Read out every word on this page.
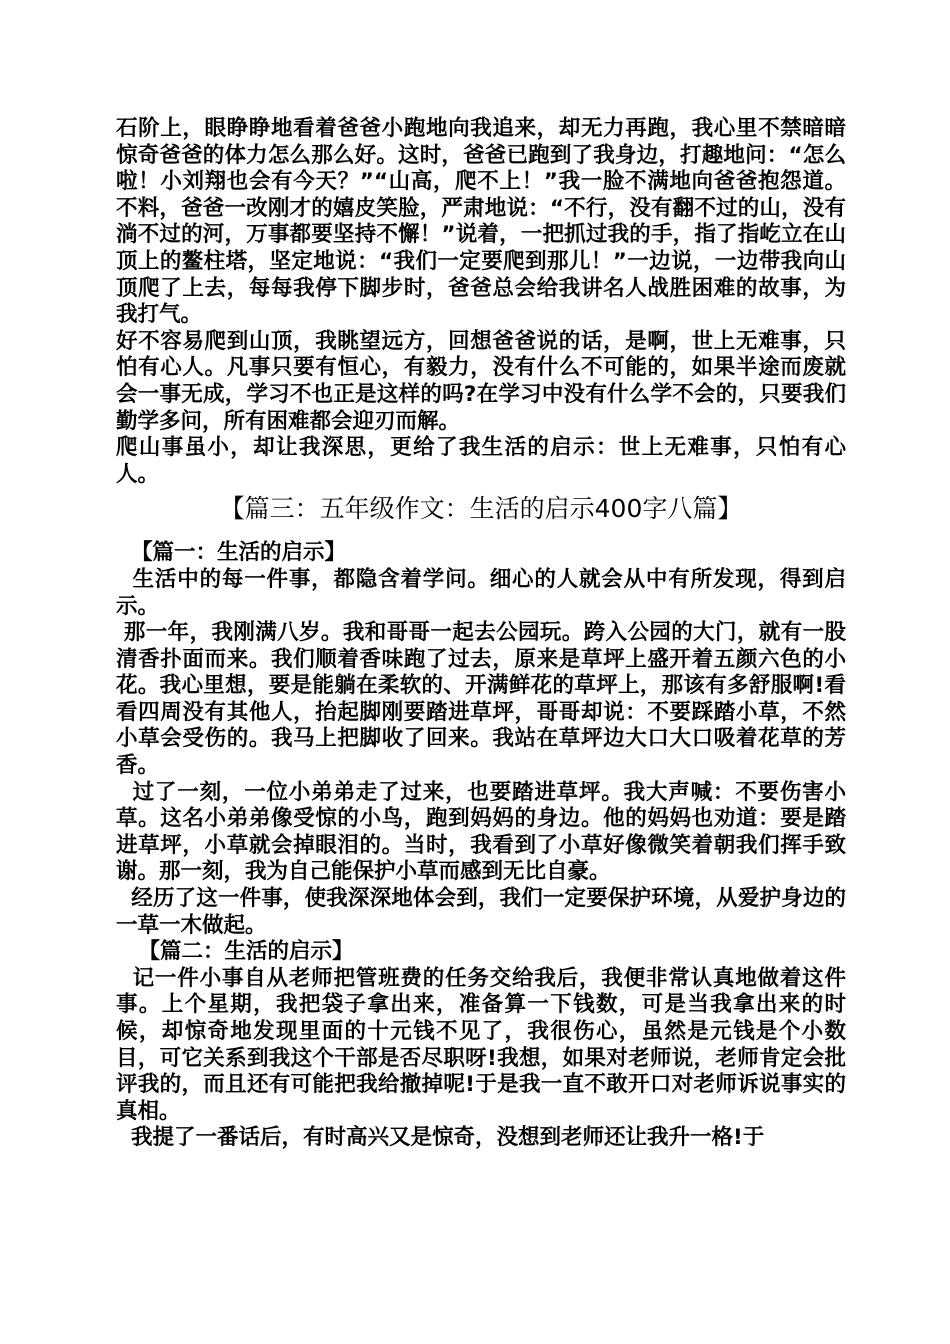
石阶上，眼睁睁地看着爸爸小跑地向我追来，却无力再跑，我心里不禁暗暗惊奇爸爸的体力怎么那么好。这时，爸爸已跑到了我身边，打趣地问：“怎么啦！小刘翔也会有今天？”“山高，爬不上！”我一脸不满地向爸爸抱怨道。不料，爸爸一改刚才的嬉皮笑脸，严肃地说：“不行，没有翻不过的山，没有淌不过的河，万事都要坚持不懈！”说着，一把抓过我的手，指了指屹立在山顶上的鳌柱塔，坚定地说：“我们一定要爬到那儿！”一边说，一边带我向山顶爬了上去，每每我停下脚步时，爸爸总会给我讲名人战胜困难的故事，为我打气。

好不容易爬到山顶，我眺望远方，回想爸爸说的话，是啊，世上无难事，只怕有心人。凡事只要有恒心，有毅力，没有什么不可能的，如果半途而废就会一事无成，学习不也正是这样的吗?在学习中没有什么学不会的，只要我们勤学多问，所有困难都会迎刃而解。

爬山事虽小，却让我深思，更给了我生活的启示：世上无难事，只怕有心人。

【篇三：五年级作文：生活的启示400字八篇】

【篇一：生活的启示】

生活中的每一件事，都隐含着学问。细心的人就会从中有所发现，得到启示。

那一年，我刚满八岁。我和哥哥一起去公园玩。跨入公园的大门，就有一股清香扑面而来。我们顺着香味跑了过去，原来是草坪上盛开着五颜六色的小花。我心里想，要是能躺在柔软的、开满鲜花的草坪上，那该有多舒服啊!看看四周没有其他人，抬起脚刚要踏进草坪，哥哥却说：不要踩踏小草，不然小草会受伤的。我马上把脚收了回来。我站在草坪边大口大口吸着花草的芳香。

过了一刻，一位小弟弟走了过来，也要踏进草坪。我大声喊：不要伤害小草。这名小弟弟像受惊的小鸟，跑到妈妈的身边。他的妈妈也劝道：要是踏进草坪，小草就会掉眼泪的。当时，我看到了小草好像微笑着朝我们挥手致谢。那一刻，我为自己能保护小草而感到无比自豪。

经历了这一件事，使我深深地体会到，我们一定要保护环境，从爱护身边的一草一木做起。

【篇二：生活的启示】

记一件小事自从老师把管班费的任务交给我后，我便非常认真地做着这件事。上个星期，我把袋子拿出来，准备算一下钱数，可是当我拿出来的时候，却惊奇地发现里面的十元钱不见了，我很伤心，虽然是元钱是个小数目，可它关系到我这个干部是否尽职呀!我想，如果对老师说，老师肯定会批评我的，而且还有可能把我给撤掉呢!于是我一直不敢开口对老师诉说事实的真相。

我提了一番话后，有时高兴又是惊奇，没想到老师还让我升一格!于
